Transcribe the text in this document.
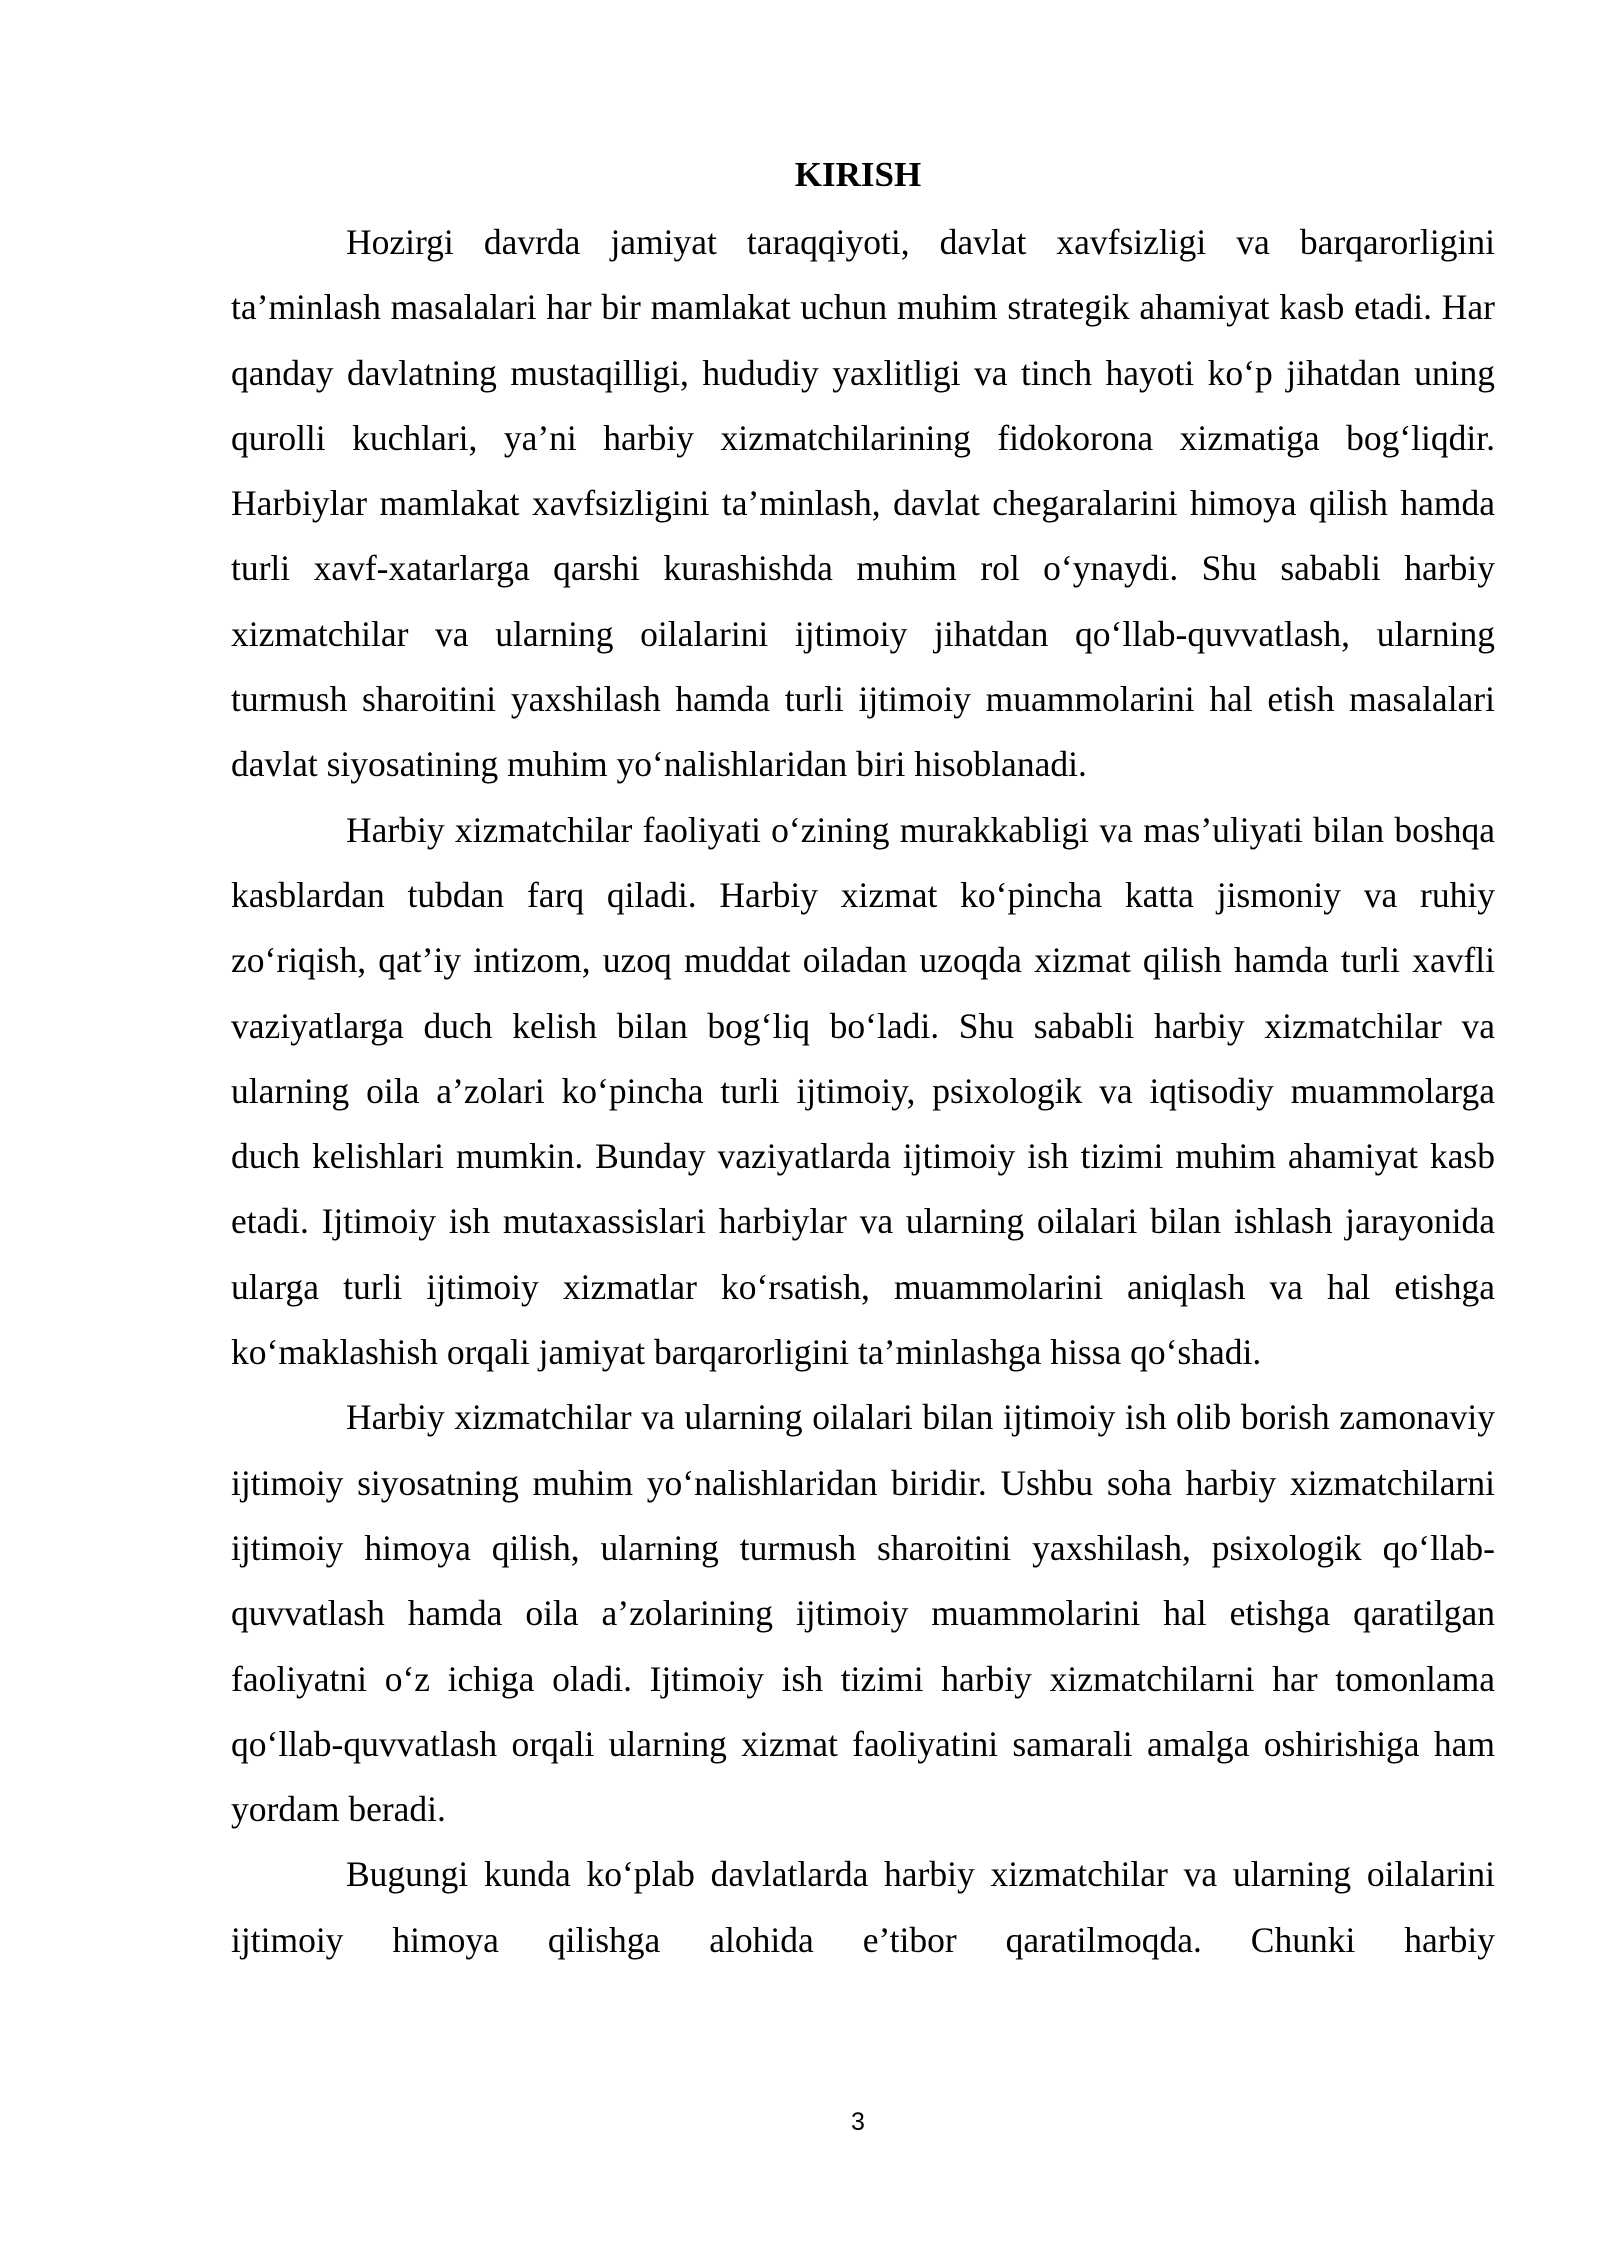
KIRISH

Hozirgi davrda jamiyat taraqqiyoti, davlat xavfsizligi va barqarorligini ta’minlash masalalari har bir mamlakat uchun muhim strategik ahamiyat kasb etadi. Har qanday davlatning mustaqilligi, hududiy yaxlitligi va tinch hayoti ko‘p jihatdan uning qurolli kuchlari, ya’ni harbiy xizmatchilarining fidokorona xizmatiga bog‘liqdir. Harbiylar mamlakat xavfsizligini ta’minlash, davlat chegaralarini himoya qilish hamda turli xavf-xatarlarga qarshi kurashishda muhim rol o‘ynaydi. Shu sababli harbiy xizmatchilar va ularning oilalarini ijtimoiy jihatdan qo‘llab-quvvatlash, ularning turmush sharoitini yaxshilash hamda turli ijtimoiy muammolarini hal etish masalalari davlat siyosatining muhim yo‘nalishlaridan biri hisoblanadi.

Harbiy xizmatchilar faoliyati o‘zining murakkabligi va mas’uliyati bilan boshqa kasblardan tubdan farq qiladi. Harbiy xizmat ko‘pincha katta jismoniy va ruhiy zo‘riqish, qat’iy intizom, uzoq muddat oiladan uzoqda xizmat qilish hamda turli xavfli vaziyatlarga duch kelish bilan bog‘liq bo‘ladi. Shu sababli harbiy xizmatchilar va ularning oila a’zolari ko‘pincha turli ijtimoiy, psixologik va iqtisodiy muammolarga duch kelishlari mumkin. Bunday vaziyatlarda ijtimoiy ish tizimi muhim ahamiyat kasb etadi. Ijtimoiy ish mutaxassislari harbiylar va ularning oilalari bilan ishlash jarayonida ularga turli ijtimoiy xizmatlar ko‘rsatish, muammolarini aniqlash va hal etishga ko‘maklashish orqali jamiyat barqarorligini ta’minlashga hissa qo‘shadi.

Harbiy xizmatchilar va ularning oilalari bilan ijtimoiy ish olib borish zamonaviy ijtimoiy siyosatning muhim yo‘nalishlaridan biridir. Ushbu soha harbiy xizmatchilarni ijtimoiy himoya qilish, ularning turmush sharoitini yaxshilash, psixologik qo‘llab-quvvatlash hamda oila a’zolarining ijtimoiy muammolarini hal etishga qaratilgan faoliyatni o‘z ichiga oladi. Ijtimoiy ish tizimi harbiy xizmatchilarni har tomonlama qo‘llab-quvvatlash orqali ularning xizmat faoliyatini samarali amalga oshirishiga ham yordam beradi.

Bugungi kunda ko‘plab davlatlarda harbiy xizmatchilar va ularning oilalarini ijtimoiy himoya qilishga alohida e’tibor qaratilmoqda. Chunki harbiy

3
